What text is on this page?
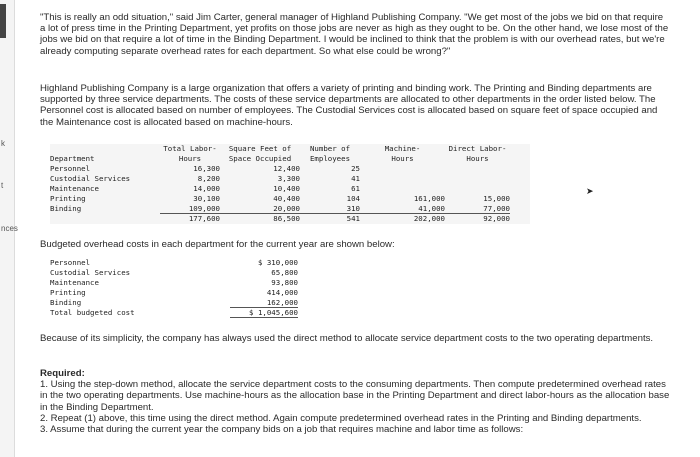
k
t
nces

"This is really an odd situation," said Jim Carter, general manager of Highland Publishing Company. "We get most of the jobs we bid on that require a lot of press time in the Printing Department, yet profits on those jobs are never as high as they ought to be. On the other hand, we lose most of the jobs we bid on that require a lot of time in the Binding Department. I would be inclined to think that the problem is with our overhead rates, but we're already computing separate overhead rates for each department. So what else could be wrong?"

Highland Publishing Company is a large organization that offers a variety of printing and binding work. The Printing and Binding departments are supported by three service departments. The costs of these service departments are allocated to other departments in the order listed below. The Personnel cost is allocated based on number of employees. The Custodial Services cost is allocated based on square feet of space occupied and the Maintenance cost is allocated based on machine-hours.

Total Labor-	Square Feet of	Number of	Machine-	Direct Labor-
Department	Hours	Space Occupied	Employees	Hours	Hours
Personnel	16,300	12,400	25
Custodial Services	8,200	3,300	41
Maintenance	14,000	10,400	61
Printing	30,100	40,400	104	161,000	15,000
Binding	109,000	20,000	310	41,000	77,000
177,600	86,500	541	202,000	92,000

Budgeted overhead costs in each department for the current year are shown below:

Personnel	$ 310,000
Custodial Services	65,800
Maintenance	93,800
Printing	414,000
Binding	162,000
Total budgeted cost	$ 1,045,600

Because of its simplicity, the company has always used the direct method to allocate service department costs to the two operating departments.

Required:

1. Using the step-down method, allocate the service department costs to the consuming departments. Then compute predetermined overhead rates in the two operating departments. Use machine-hours as the allocation base in the Printing Department and direct labor-hours as the allocation base in the Binding Department.

2. Repeat (1) above, this time using the direct method. Again compute predetermined overhead rates in the Printing and Binding departments.

3. Assume that during the current year the company bids on a job that requires machine and labor time as follows:

➤
